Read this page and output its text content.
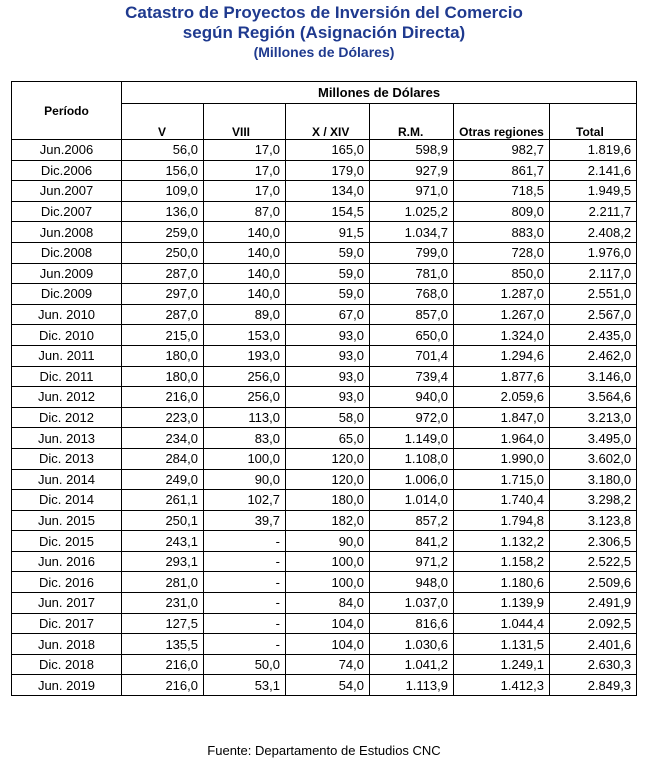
Catastro de Proyectos de Inversión del Comercio
según Región (Asignación Directa)
(Millones de Dólares)
Período	Millones de Dólares					
	V	VIII	X / XIV	R.M.	Otras regiones	Total
Jun.2006	56,0	17,0	165,0	598,9	982,7	1.819,6
Dic.2006	156,0	17,0	179,0	927,9	861,7	2.141,6
Jun.2007	109,0	17,0	134,0	971,0	718,5	1.949,5
Dic.2007	136,0	87,0	154,5	1.025,2	809,0	2.211,7
Jun.2008	259,0	140,0	91,5	1.034,7	883,0	2.408,2
Dic.2008	250,0	140,0	59,0	799,0	728,0	1.976,0
Jun.2009	287,0	140,0	59,0	781,0	850,0	2.117,0
Dic.2009	297,0	140,0	59,0	768,0	1.287,0	2.551,0
Jun. 2010	287,0	89,0	67,0	857,0	1.267,0	2.567,0
Dic. 2010	215,0	153,0	93,0	650,0	1.324,0	2.435,0
Jun. 2011	180,0	193,0	93,0	701,4	1.294,6	2.462,0
Dic. 2011	180,0	256,0	93,0	739,4	1.877,6	3.146,0
Jun. 2012	216,0	256,0	93,0	940,0	2.059,6	3.564,6
Dic. 2012	223,0	113,0	58,0	972,0	1.847,0	3.213,0
Jun. 2013	234,0	83,0	65,0	1.149,0	1.964,0	3.495,0
Dic. 2013	284,0	100,0	120,0	1.108,0	1.990,0	3.602,0
Jun. 2014	249,0	90,0	120,0	1.006,0	1.715,0	3.180,0
Dic. 2014	261,1	102,7	180,0	1.014,0	1.740,4	3.298,2
Jun. 2015	250,1	39,7	182,0	857,2	1.794,8	3.123,8
Dic. 2015	243,1	-	90,0	841,2	1.132,2	2.306,5
Jun. 2016	293,1	-	100,0	971,2	1.158,2	2.522,5
Dic. 2016	281,0	-	100,0	948,0	1.180,6	2.509,6
Jun. 2017	231,0	-	84,0	1.037,0	1.139,9	2.491,9
Dic. 2017	127,5	-	104,0	816,6	1.044,4	2.092,5
Jun. 2018	135,5	-	104,0	1.030,6	1.131,5	2.401,6
Dic. 2018	216,0	50,0	74,0	1.041,2	1.249,1	2.630,3
Jun. 2019	216,0	53,1	54,0	1.113,9	1.412,3	2.849,3
Fuente: Departamento de Estudios CNC
